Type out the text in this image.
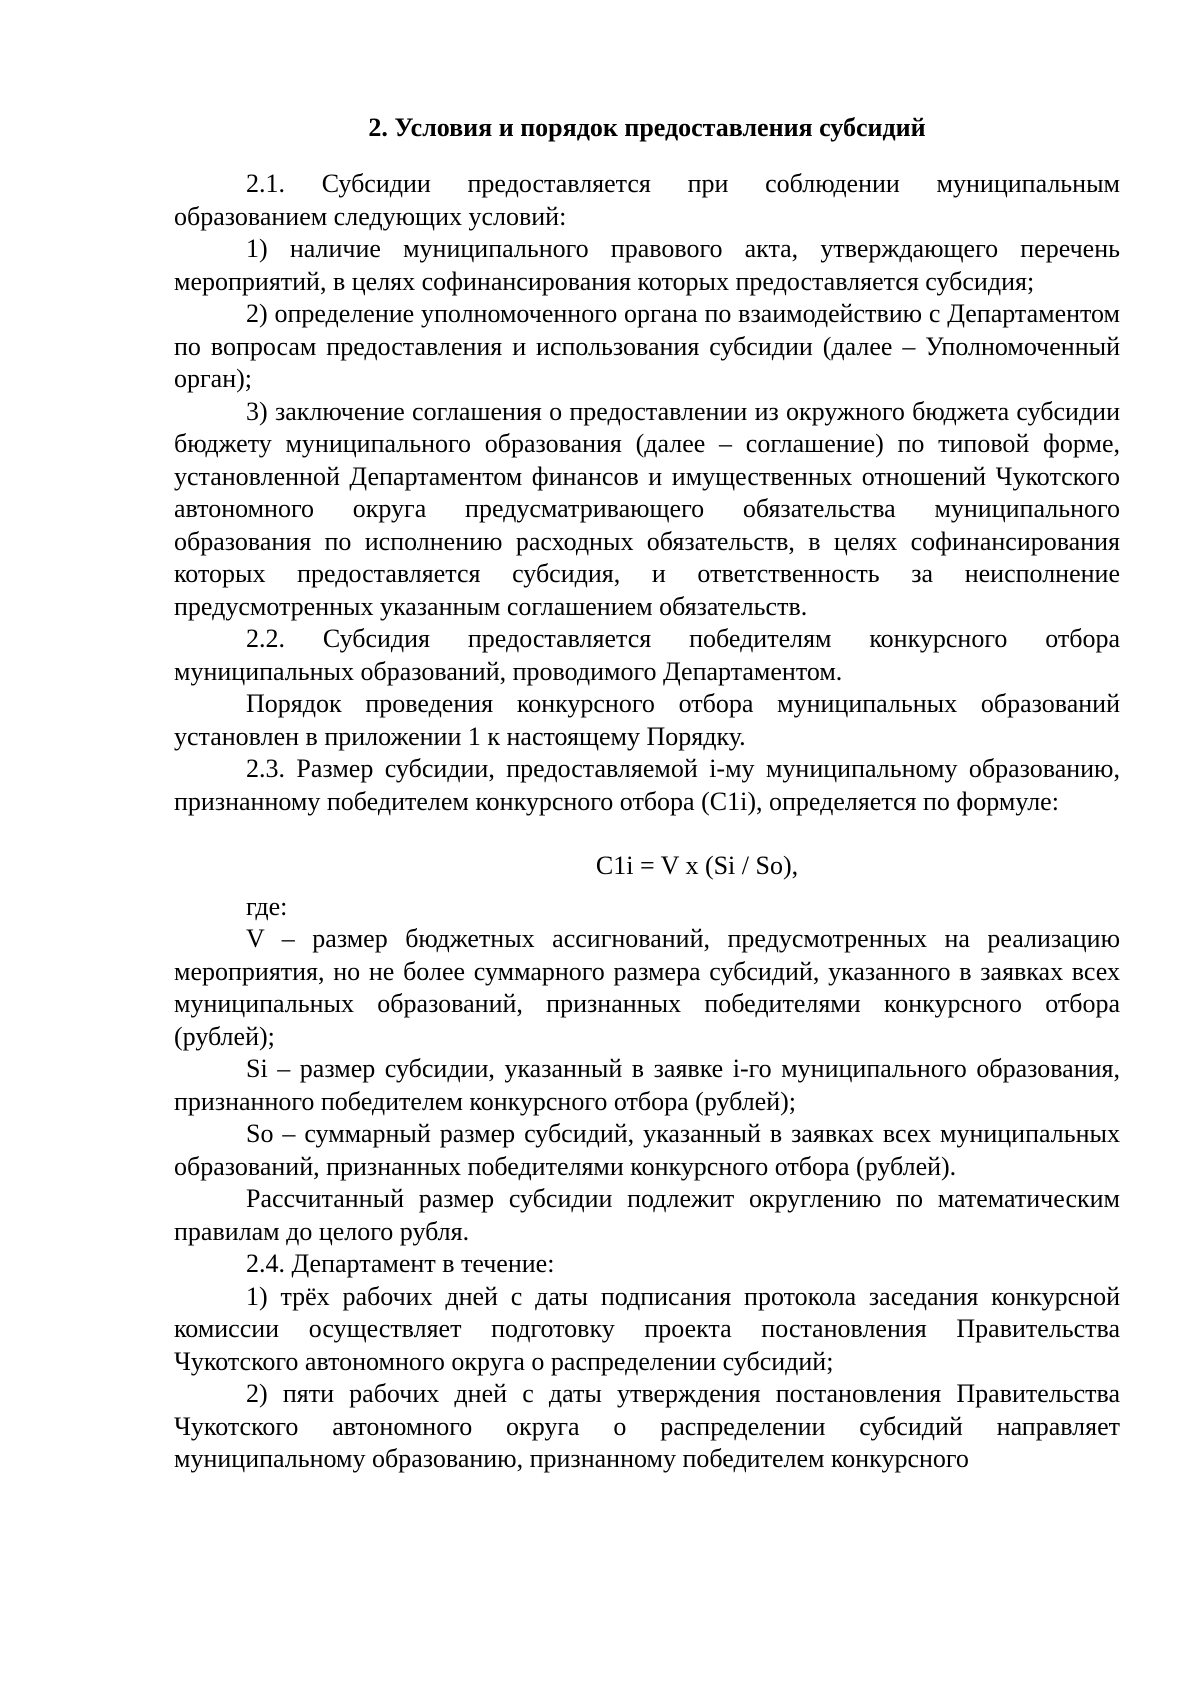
2. Условия и порядок предоставления субсидий

2.1. Субсидии предоставляется при соблюдении муниципальным образованием следующих условий:

1) наличие муниципального правового акта, утверждающего перечень мероприятий, в целях софинансирования которых предоставляется субсидия;

2) определение уполномоченного органа по взаимодействию с Департаментом по вопросам предоставления и использования субсидии (далее – Уполномоченный орган);

3) заключение соглашения о предоставлении из окружного бюджета субсидии бюджету муниципального образования (далее – соглашение) по типовой форме, установленной Департаментом финансов и имущественных отношений Чукотского автономного округа предусматривающего обязательства муниципального образования по исполнению расходных обязательств, в целях софинансирования которых предоставляется субсидия, и ответственность за неисполнение предусмотренных указанным соглашением обязательств.

2.2. Субсидия предоставляется победителям конкурсного отбора муниципальных образований, проводимого Департаментом.

Порядок проведения конкурсного отбора муниципальных образований установлен в приложении 1 к настоящему Порядку.

2.3. Размер субсидии, предоставляемой i-му муниципальному образованию, признанному победителем конкурсного отбора (C1i), определяется по формуле:

C1i = V x (Si / So),

где:

V – размер бюджетных ассигнований, предусмотренных на реализацию мероприятия, но не более суммарного размера субсидий, указанного в заявках всех муниципальных образований, признанных победителями конкурсного отбора (рублей);

Si – размер субсидии, указанный в заявке i-го муниципального образования, признанного победителем конкурсного отбора (рублей);

So – суммарный размер субсидий, указанный в заявках всех муниципальных образований, признанных победителями конкурсного отбора (рублей).

Рассчитанный размер субсидии подлежит округлению по математическим правилам до целого рубля.

2.4. Департамент в течение:

1) трёх рабочих дней с даты подписания протокола заседания конкурсной комиссии осуществляет подготовку проекта постановления Правительства Чукотского автономного округа о распределении субсидий;

2) пяти рабочих дней с даты утверждения постановления Правительства Чукотского автономного округа о распределении субсидий направляет муниципальному образованию, признанному победителем конкурсного
